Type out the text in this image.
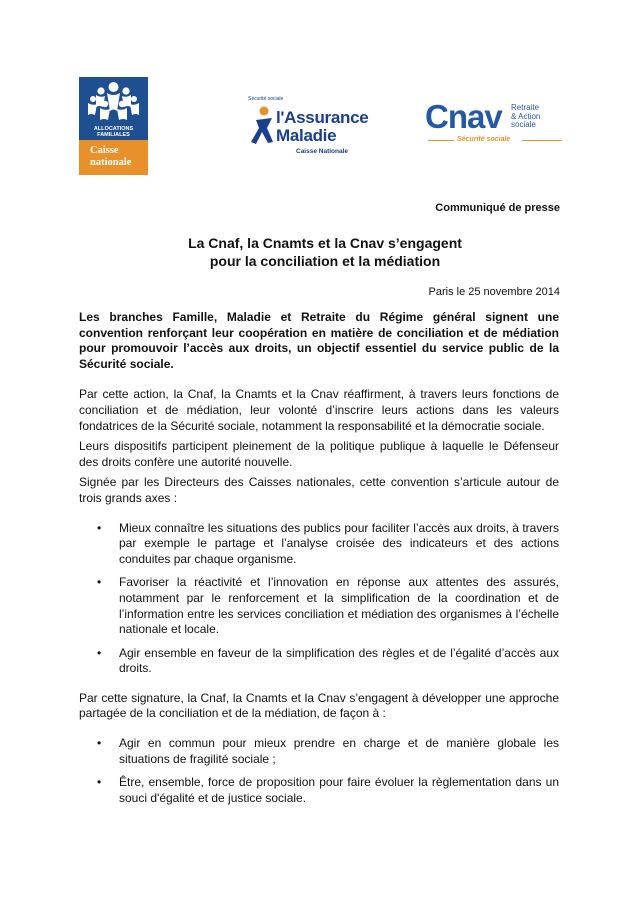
ALLOCATIONS
FAMILIALES
Caisse
nationale
Sécurité sociale
l'Assurance
Maladie
Caisse Nationale
Cnav Retraite
& Action
sociale
Sécurité sociale
Communiqué de presse
La Cnaf, la Cnamts et la Cnav s’engagent
pour la conciliation et la médiation
Paris le 25 novembre 2014

Les branches Famille, Maladie et Retraite du Régime général signent une convention renforçant leur coopération en matière de conciliation et de médiation pour promouvoir l’accès aux droits, un objectif essentiel du service public de la Sécurité sociale.

Par cette action, la Cnaf, la Cnamts et la Cnav réaffirment, à travers leurs fonctions de conciliation et de médiation, leur volonté d’inscrire leurs actions dans les valeurs fondatrices de la Sécurité sociale, notamment la responsabilité et la démocratie sociale.

Leurs dispositifs participent pleinement de la politique publique à laquelle le Défenseur des droits confère une autorité nouvelle.

Signée par les Directeurs des Caisses nationales, cette convention s’articule autour de trois grands axes :

• Mieux connaître les situations des publics pour faciliter l’accès aux droits, à travers par exemple le partage et l’analyse croisée des indicateurs et des actions conduites par chaque organisme.
• Favoriser la réactivité et l’innovation en réponse aux attentes des assurés, notamment par le renforcement et la simplification de la coordination et de l’information entre les services conciliation et médiation des organismes à l’échelle nationale et locale.
• Agir ensemble en faveur de la simplification des règles et de l’égalité d’accès aux droits.

Par cette signature, la Cnaf, la Cnamts et la Cnav s’engagent à développer une approche partagée de la conciliation et de la médiation, de façon à :

• Agir en commun pour mieux prendre en charge et de manière globale les situations de fragilité sociale ;
• Être, ensemble, force de proposition pour faire évoluer la règlementation dans un souci d'égalité et de justice sociale.
